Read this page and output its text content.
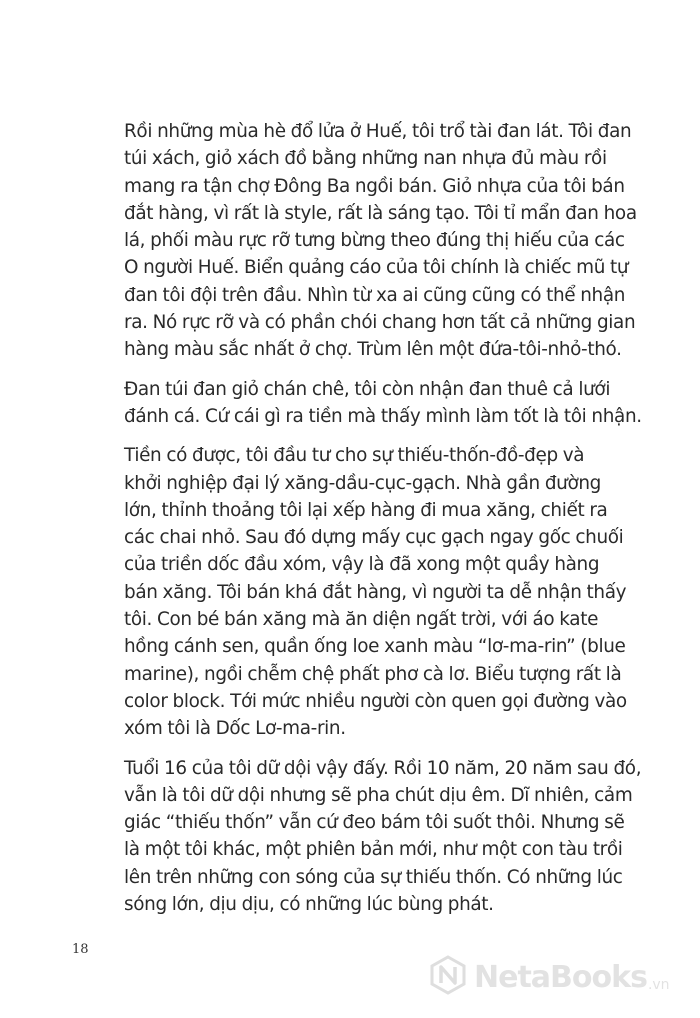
Rồi những mùa hè đổ lửa ở Huế, tôi trổ tài đan lát. Tôi đan
túi xách, giỏ xách đồ bằng những nan nhựa đủ màu rồi
mang ra tận chợ Đông Ba ngồi bán. Giỏ nhựa của tôi bán
đắt hàng, vì rất là style, rất là sáng tạo. Tôi tỉ mẩn đan hoa
lá, phối màu rực rỡ tưng bừng theo đúng thị hiếu của các
O người Huế. Biển quảng cáo của tôi chính là chiếc mũ tự
đan tôi đội trên đầu. Nhìn từ xa ai cũng cũng có thể nhận
ra. Nó rực rỡ và có phần chói chang hơn tất cả những gian
hàng màu sắc nhất ở chợ. Trùm lên một đứa-tôi-nhỏ-thó.

Đan túi đan giỏ chán chê, tôi còn nhận đan thuê cả lưới
đánh cá. Cứ cái gì ra tiền mà thấy mình làm tốt là tôi nhận.

Tiền có được, tôi đầu tư cho sự thiếu-thốn-đồ-đẹp và
khởi nghiệp đại lý xăng-dầu-cục-gạch. Nhà gần đường
lớn, thỉnh thoảng tôi lại xếp hàng đi mua xăng, chiết ra
các chai nhỏ. Sau đó dựng mấy cục gạch ngay gốc chuối
của triền dốc đầu xóm, vậy là đã xong một quầy hàng
bán xăng. Tôi bán khá đắt hàng, vì người ta dễ nhận thấy
tôi. Con bé bán xăng mà ăn diện ngất trời, với áo kate
hồng cánh sen, quần ống loe xanh màu “lơ-ma-rin” (blue
marine), ngồi chễm chệ phất phơ cà lơ. Biểu tượng rất là
color block. Tới mức nhiều người còn quen gọi đường vào
xóm tôi là Dốc Lơ-ma-rin.

Tuổi 16 của tôi dữ dội vậy đấy. Rồi 10 năm, 20 năm sau đó,
vẫn là tôi dữ dội nhưng sẽ pha chút dịu êm. Dĩ nhiên, cảm
giác “thiếu thốn” vẫn cứ đeo bám tôi suốt thôi. Nhưng sẽ
là một tôi khác, một phiên bản mới, như một con tàu trồi
lên trên những con sóng của sự thiếu thốn. Có những lúc
sóng lớn, dịu dịu, có những lúc bùng phát.

18
NetaBooks .vn
